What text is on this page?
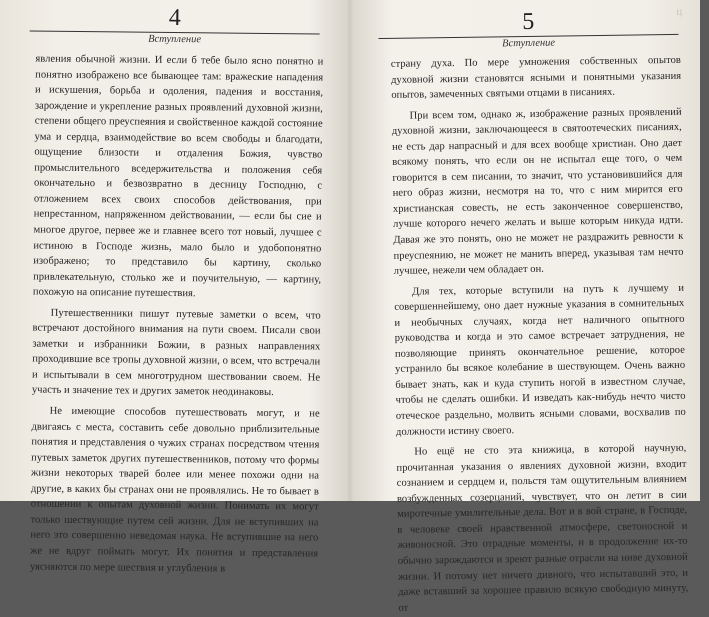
4
Вступление

явления обычной жизни. И если б тебе было ясно понятно и понятно изображено все бывающее там: вражеские нападения и искушения, борьба и одоления, падения и восстания, зарождение и укрепление разных проявлений духовной жизни, степени общего преуспеяния и свойственное каждой состояние ума и сердца, взаимодействие во всем свободы и благодати, ощущение близости и отдаления Божия, чувство промыслительного вседержительства и положения себя окончательно и безвозвратно в десницу Господню, с отложением всех своих способов действования, при непрестанном, напряженном действовании, — если бы сие и многое другое, первее же и главнее всего тот новый, лучшее с истиною в Господе жизнь, мало было и удобопонятно изображено; то представило бы картину, сколько привлекательную, столько же и поучительную, — картину, похожую на описание путешествия.

Путешественники пишут путевые заметки о всем, что встречают достойного внимания на пути своем. Писали свои заметки и избранники Божии, в разных направлениях проходившие все тропы духовной жизни, о всем, что встречали и испытывали в сем многотрудном шествовании своем. Не участь и значение тех и других заметок неодинаковы.

Не имеющие способов путешествовать могут, и не двигаясь с места, составить себе довольно приблизительные понятия и представления о чужих странах посредством чтения путевых заметок других путешественников, потому что формы жизни некоторых тварей более или менее похожи одни на другие, в каких бы странах они не проявлялись. Не то бывает в отношении к опытам духовной жизни. Понимать их могут только шествующие путем сей жизни. Для не вступивших на него это совершенно неведомая наука. Не вступившие на него же не вдруг поймать могут. Их понятия и представления уясняются по мере шествия и углубления в

5
Вступление
ц

страну духа. По мере умножения собственных опытов духовной жизни становятся ясными и понятными указания опытов, замеченных святыми отцами в писаниях.

При всем том, однако ж, изображение разных проявлений духовной жизни, заключающееся в святоотеческих писаниях, не есть дар напрасный и для всех вообще христиан. Оно дает всякому понять, что если он не испытал еще того, о чем говорится в сем писании, то значит, что установившийся для него образ жизни, несмотря на то, что с ним мирится его христианская совесть, не есть законченное совершенство, лучше которого нечего желать и выше которым никуда идти. Давая же это понять, оно не может не раздражить ревности к преуспеянию, не может не манить вперед, указывая там нечто лучшее, нежели чем обладает он.

Для тех, которые вступили на путь к лучшему и совершеннейшему, оно дает нужные указания в сомнительных и необычных случаях, когда нет наличного опытного руководства и когда и это самое встречает затруднения, не позволяющие принять окончательное решение, которое устранило бы всякое колебание в шествующем. Очень важно бывает знать, как и куда ступить ногой в известном случае, чтобы не сделать ошибки. И изведать как-нибудь нечто чисто отеческое раздельно, молвить ясными словами, восхвалив по должности истину своего.

Но ещё не сто эта книжица, в которой научную, прочитанная указания о явлениях духовной жизни, входит сознанием и сердцем и, польстя там ощутительным влиянием возбужденных созерцаний, чувствует, что он летит в сии миротечные умилительные дела. Вот и в вой стране, в Господе, в человеке своей нравственной атмосфере, светоносной и живоносной. Это отрадные моменты, и в продолжение их-то обычно зарождаются и зреют разные отрасли на ниве духовной жизни. И потому нет ничего дивного, что испытавший это, и даже вставший за хорошее правило всякую свободную минуту, от
